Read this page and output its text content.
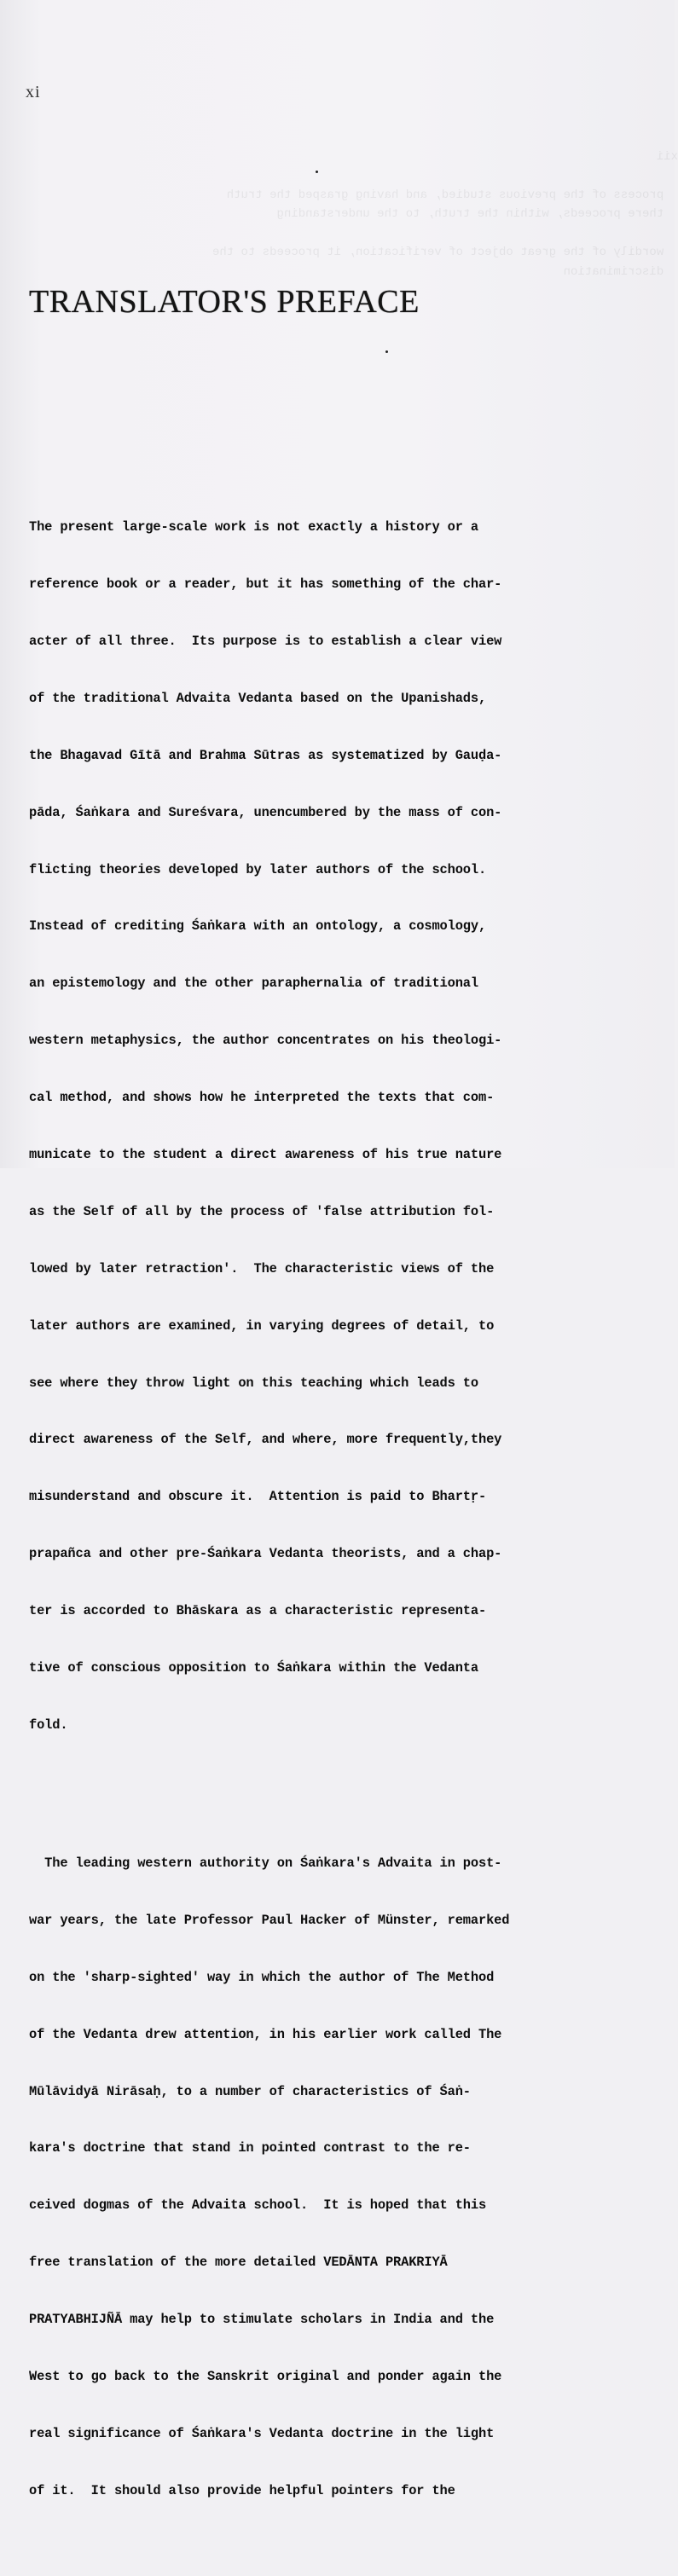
xii

process of the previous studied, and having grasped the truth
there proceeds, within the truth, to the understanding

wordily of the great object of verification, it proceeds to the
discrimination

xi
TRANSLATOR'S PREFACE

The present large-scale work is not exactly a history or a

reference book or a reader, but it has something of the char-

acter of all three.  Its purpose is to establish a clear view

of the traditional Advaita Vedanta based on the Upanishads,

the Bhagavad Gītā and Brahma Sūtras as systematized by Gauḍa-

pāda, Śaṅkara and Sureśvara, unencumbered by the mass of con-

flicting theories developed by later authors of the school.

Instead of crediting Śaṅkara with an ontology, a cosmology,

an epistemology and the other paraphernalia of traditional

western metaphysics, the author concentrates on his theologi-

cal method, and shows how he interpreted the texts that com-

municate to the student a direct awareness of his true nature

as the Self of all by the process of 'false attribution fol-

lowed by later retraction'.  The characteristic views of the

later authors are examined, in varying degrees of detail, to

see where they throw light on this teaching which leads to

direct awareness of the Self, and where, more frequently,they

misunderstand and obscure it.  Attention is paid to Bhartṛ-

prapañca and other pre-Śaṅkara Vedanta theorists, and a chap-

ter is accorded to Bhāskara as a characteristic representa-

tive of conscious opposition to Śaṅkara within the Vedanta

fold.

The leading western authority on Śaṅkara's Advaita in post-

war years, the late Professor Paul Hacker of Münster, remarked

on the 'sharp-sighted' way in which the author of The Method

of the Vedanta drew attention, in his earlier work called The

Mūlāvidyā Nirāsaḥ, to a number of characteristics of Śaṅ-

kara's doctrine that stand in pointed contrast to the re-

ceived dogmas of the Advaita school.  It is hoped that this

free translation of the more detailed VEDĀNTA PRAKRIYĀ

PRATYABHIJÑĀ may help to stimulate scholars in India and the

West to go back to the Sanskrit original and ponder again the

real significance of Śaṅkara's Vedanta doctrine in the light

of it.  It should also provide helpful pointers for the
